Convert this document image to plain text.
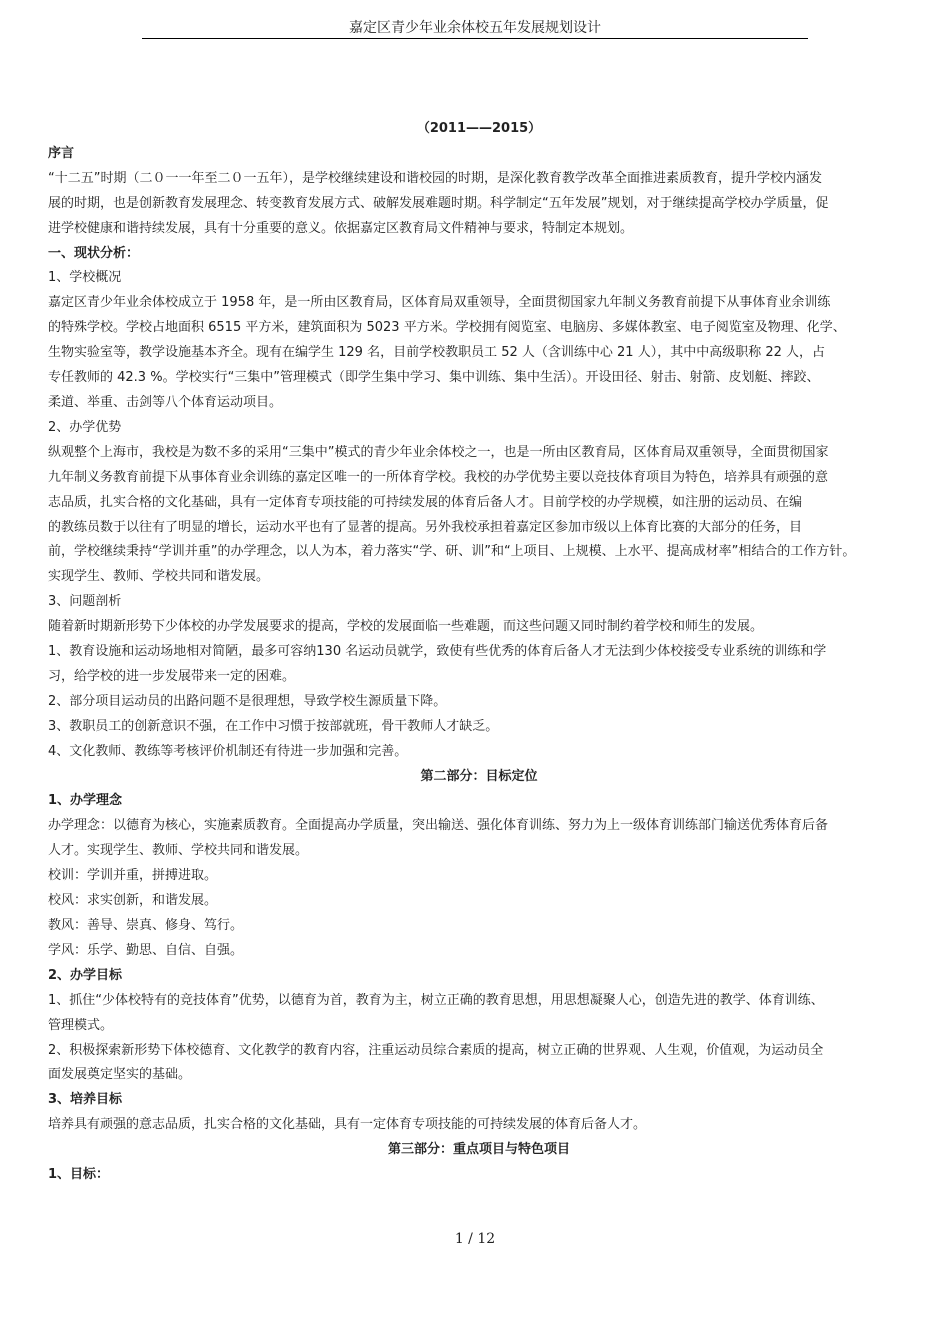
嘉定区青少年业余体校五年发展规划设计
（2011——2015）
序言
“十二五”时期（二０一一年至二０一五年），是学校继续建设和谐校园的时期，是深化教育教学改革全面推进素质教育，提升学校内涵发
展的时期，也是创新教育发展理念、转变教育发展方式、破解发展难题时期。科学制定“五年发展”规划，对于继续提高学校办学质量，促
进学校健康和谐持续发展，具有十分重要的意义。依据嘉定区教育局文件精神与要求，特制定本规划。
一、现状分析：
1、学校概况
嘉定区青少年业余体校成立于 1958 年，是一所由区教育局，区体育局双重领导，全面贯彻国家九年制义务教育前提下从事体育业余训练
的特殊学校。学校占地面积 6515 平方米，建筑面积为 5023 平方米。学校拥有阅览室、电脑房、多媒体教室、电子阅览室及物理、化学、
生物实验室等，教学设施基本齐全。现有在编学生 129 名，目前学校教职员工 52 人（含训练中心 21 人），其中中高级职称 22 人，占
专任教师的 42.3 %。学校实行“三集中”管理模式（即学生集中学习、集中训练、集中生活）。开设田径、射击、射箭、皮划艇、摔跤、
柔道、举重、击剑等八个体育运动项目。
2、办学优势
纵观整个上海市，我校是为数不多的采用“三集中”模式的青少年业余体校之一，也是一所由区教育局，区体育局双重领导，全面贯彻国家
九年制义务教育前提下从事体育业余训练的嘉定区唯一的一所体育学校。我校的办学优势主要以竞技体育项目为特色，培养具有顽强的意
志品质，扎实合格的文化基础，具有一定体育专项技能的可持续发展的体育后备人才。目前学校的办学规模，如注册的运动员、在编
的教练员数于以往有了明显的增长，运动水平也有了显著的提高。另外我校承担着嘉定区参加市级以上体育比赛的大部分的任务，目
前，学校继续秉持“学训并重”的办学理念，以人为本，着力落实“学、研、训”和“上项目、上规模、上水平、提高成材率”相结合的工作方针。
实现学生、教师、学校共同和谐发展。
3、问题剖析
随着新时期新形势下少体校的办学发展要求的提高，学校的发展面临一些难题，而这些问题又同时制约着学校和师生的发展。
1、教育设施和运动场地相对简陋，最多可容纳130 名运动员就学，致使有些优秀的体育后备人才无法到少体校接受专业系统的训练和学
习，给学校的进一步发展带来一定的困难。
2、部分项目运动员的出路问题不是很理想，导致学校生源质量下降。
3、教职员工的创新意识不强，在工作中习惯于按部就班，骨干教师人才缺乏。
4、文化教师、教练等考核评价机制还有待进一步加强和完善。
第二部分：目标定位
1、办学理念
办学理念：以德育为核心，实施素质教育。全面提高办学质量，突出输送、强化体育训练、努力为上一级体育训练部门输送优秀体育后备
人才。实现学生、教师、学校共同和谐发展。
校训：学训并重，拼搏进取。
校风：求实创新，和谐发展。
教风：善导、崇真、修身、笃行。
学风：乐学、勤思、自信、自强。
2、办学目标
1、抓住“少体校特有的竞技体育”优势，以德育为首，教育为主，树立正确的教育思想，用思想凝聚人心，创造先进的教学、体育训练、
管理模式。
2、积极探索新形势下体校德育、文化教学的教育内容，注重运动员综合素质的提高，树立正确的世界观、人生观，价值观，为运动员全
面发展奠定坚实的基础。
3、培养目标
培养具有顽强的意志品质，扎实合格的文化基础，具有一定体育专项技能的可持续发展的体育后备人才。
第三部分：重点项目与特色项目
1、目标：
1 / 12
